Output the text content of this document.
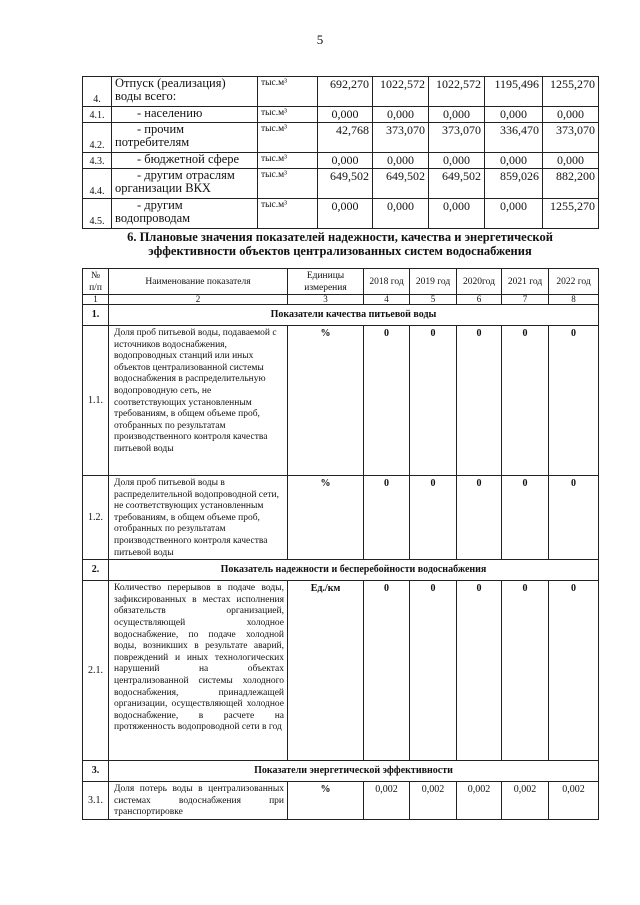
5
4.	Отпуск (реализация) воды всего:	тыс.м³	692,270	1022,572	1022,572	1195,496	1255,270
4.1.	- населению	тыс.м³	0,000	0,000	0,000	0,000	0,000
4.2.	- прочим потребителям	тыс.м³	42,768	373,070	373,070	336,470	373,070
4.3.	- бюджетной сфере	тыс.м³	0,000	0,000	0,000	0,000	0,000
4.4.	- другим отраслям организации ВКХ	тыс.м³	649,502	649,502	649,502	859,026	882,200
4.5.	- другим водопроводам	тыс.м³	0,000	0,000	0,000	0,000	1255,270
6. Плановые значения показателей надежности, качества и энергетической эффективности объектов централизованных систем водоснабжения
№ п/п	Наименование показателя	Единицы измерения	2018 год	2019 год	2020год	2021 год	2022 год
1	2	3	4	5	6	7	8
1.	Показатели качества питьевой воды						
1.1.	Доля проб питьевой воды, подаваемой с источников водоснабжения, водопроводных станций или иных объектов централизованной системы водоснабжения в распределительную водопроводную сеть, не соответствующих установленным требованиям, в общем объеме проб, отобранных по результатам производственного контроля качества питьевой воды	%	0	0	0	0	0
1.2.	Доля проб питьевой воды в распределительной водопроводной сети, не соответствующих установленным требованиям, в общем объеме проб, отобранных по результатам производственного контроля качества питьевой воды	%	0	0	0	0	0
2.	Показатель надежности и бесперебойности водоснабжения						
2.1.	Количество перерывов в подаче воды, зафиксированных в местах исполнения обязательств организацией, осуществляющей холодное водоснабжение, по подаче холодной воды, возникших в результате аварий, повреждений и иных технологических нарушений на объектах централизованной системы холодного водоснабжения, принадлежащей организации, осуществляющей холодное водоснабжение, в расчете на протяженность водопроводной сети в год	Ед./км	0	0	0	0	0
3.	Показатели энергетической эффективности						
3.1.	Доля потерь воды в централизованных системах водоснабжения при транспортировке	%	0,002	0,002	0,002	0,002	0,002
